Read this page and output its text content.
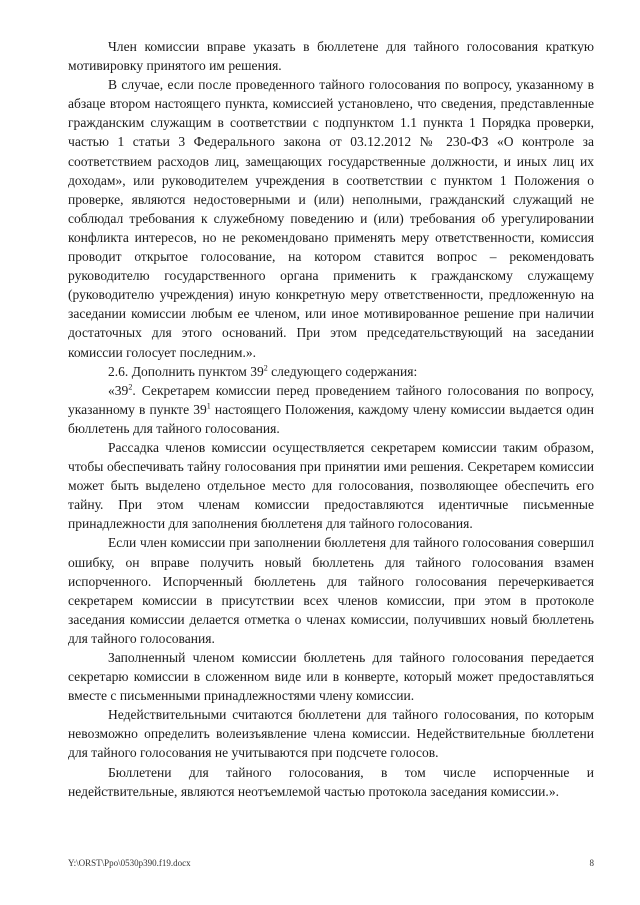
Член комиссии вправе указать в бюллетене для тайного голосования краткую мотивировку принятого им решения.

В случае, если после проведенного тайного голосования по вопросу, указанному в абзаце втором настоящего пункта, комиссией установлено, что сведения, представленные гражданским служащим в соответствии с подпунктом 1.1 пункта 1 Порядка проверки, частью 1 статьи 3 Федерального закона от 03.12.2012 № 230-ФЗ «О контроле за соответствием расходов лиц, замещающих государственные должности, и иных лиц их доходам», или руководителем учреждения в соответствии с пунктом 1 Положения о проверке, являются недостоверными и (или) неполными, гражданский служащий не соблюдал требования к служебному поведению и (или) требования об урегулировании конфликта интересов, но не рекомендовано применять меру ответственности, комиссия проводит открытое голосование, на котором ставится вопрос – рекомендовать руководителю государственного органа применить к гражданскому служащему (руководителю учреждения) иную конкретную меру ответственности, предложенную на заседании комиссии любым ее членом, или иное мотивированное решение при наличии достаточных для этого оснований. При этом председательствующий на заседании комиссии голосует последним.».

2.6. Дополнить пунктом $39^2$ следующего содержания:

«$39^2$. Секретарем комиссии перед проведением тайного голосования по вопросу, указанному в пункте $39^1$ настоящего Положения, каждому члену комиссии выдается один бюллетень для тайного голосования.

Рассадка членов комиссии осуществляется секретарем комиссии таким образом, чтобы обеспечивать тайну голосования при принятии ими решения. Секретарем комиссии может быть выделено отдельное место для голосования, позволяющее обеспечить его тайну. При этом членам комиссии предоставляются идентичные письменные принадлежности для заполнения бюллетеня для тайного голосования.

Если член комиссии при заполнении бюллетеня для тайного голосования совершил ошибку, он вправе получить новый бюллетень для тайного голосования взамен испорченного. Испорченный бюллетень для тайного голосования перечеркивается секретарем комиссии в присутствии всех членов комиссии, при этом в протоколе заседания комиссии делается отметка о членах комиссии, получивших новый бюллетень для тайного голосования.

Заполненный членом комиссии бюллетень для тайного голосования передается секретарю комиссии в сложенном виде или в конверте, который может предоставляться вместе с письменными принадлежностями члену комиссии.

Недействительными считаются бюллетени для тайного голосования, по которым невозможно определить волеизъявление члена комиссии. Недействительные бюллетени для тайного голосования не учитываются при подсчете голосов.

Бюллетени для тайного голосования, в том числе испорченные и недействительные, являются неотъемлемой частью протокола заседания комиссии.».

Y:\ORST\Ppo\0530p390.f19.docx	8
